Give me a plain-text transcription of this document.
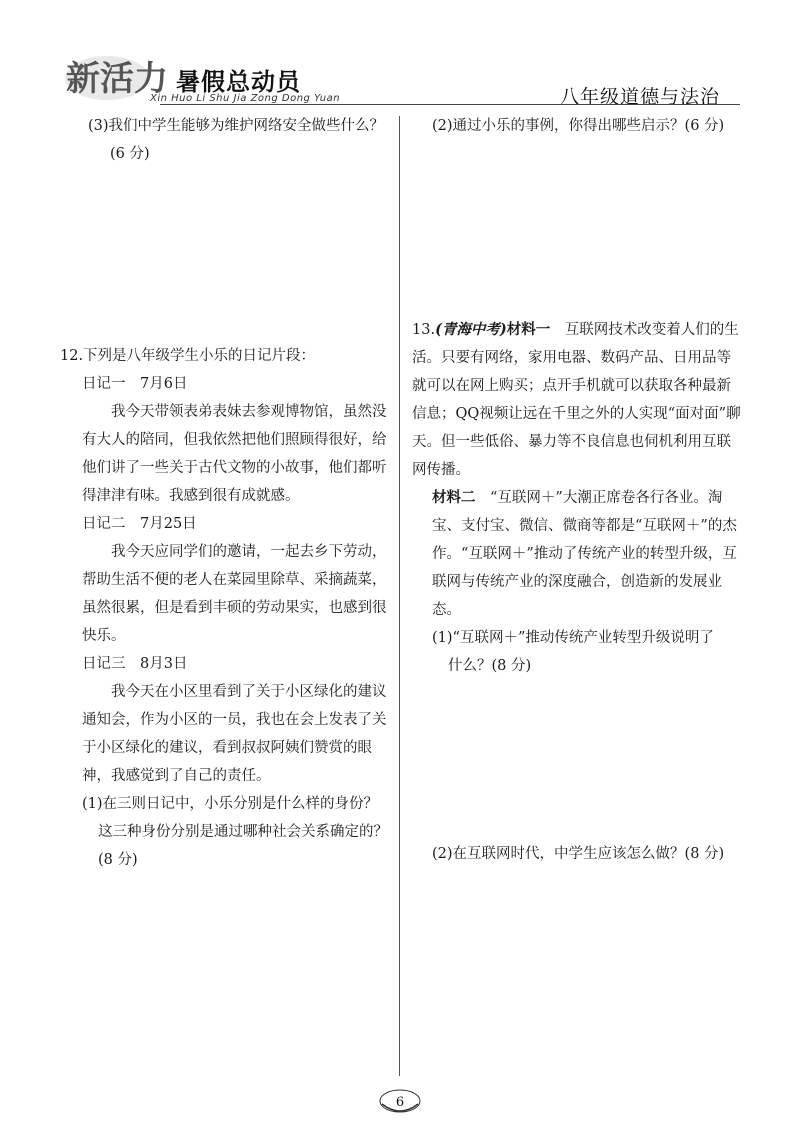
新活力 暑假总动员
Xin Huo Li Shu Jia Zong Dong Yuan	八年级道德与法治

(3)我们中学生能够为维护网络安全做些什么？

(6 分)

12.下列是八年级学生小乐的日记片段：

日记一　7月6日

我今天带领表弟表妹去参观博物馆，虽然没有大人的陪同，但我依然把他们照顾得很好，给他们讲了一些关于古代文物的小故事，他们都听得津津有味。我感到很有成就感。

日记二　7月25日

我今天应同学们的邀请，一起去乡下劳动，帮助生活不便的老人在菜园里除草、采摘蔬菜，虽然很累，但是看到丰硕的劳动果实，也感到很快乐。

日记三　8月3日

我今天在小区里看到了关于小区绿化的建议通知会，作为小区的一员，我也在会上发表了关于小区绿化的建议，看到叔叔阿姨们赞赏的眼神，我感觉到了自己的责任。

(1)在三则日记中，小乐分别是什么样的身份？

这三种身份分别是通过哪种社会关系确定的？(8 分)

(2)通过小乐的事例，你得出哪些启示？(6 分)

13.(青海中考)材料一　互联网技术改变着人们的生活。只要有网络，家用电器、数码产品、日用品等就可以在网上购买；点开手机就可以获取各种最新信息；QQ视频让远在千里之外的人实现“面对面”聊天。但一些低俗、暴力等不良信息也伺机利用互联网传播。

材料二　“互联网＋”大潮正席卷各行各业。淘宝、支付宝、微信、微商等都是“互联网＋”的杰作。“互联网＋”推动了传统产业的转型升级，互联网与传统产业的深度融合，创造新的发展业态。

(1)“互联网＋”推动传统产业转型升级说明了

什么？(8 分)

(2)在互联网时代，中学生应该怎么做？(8 分)

6
